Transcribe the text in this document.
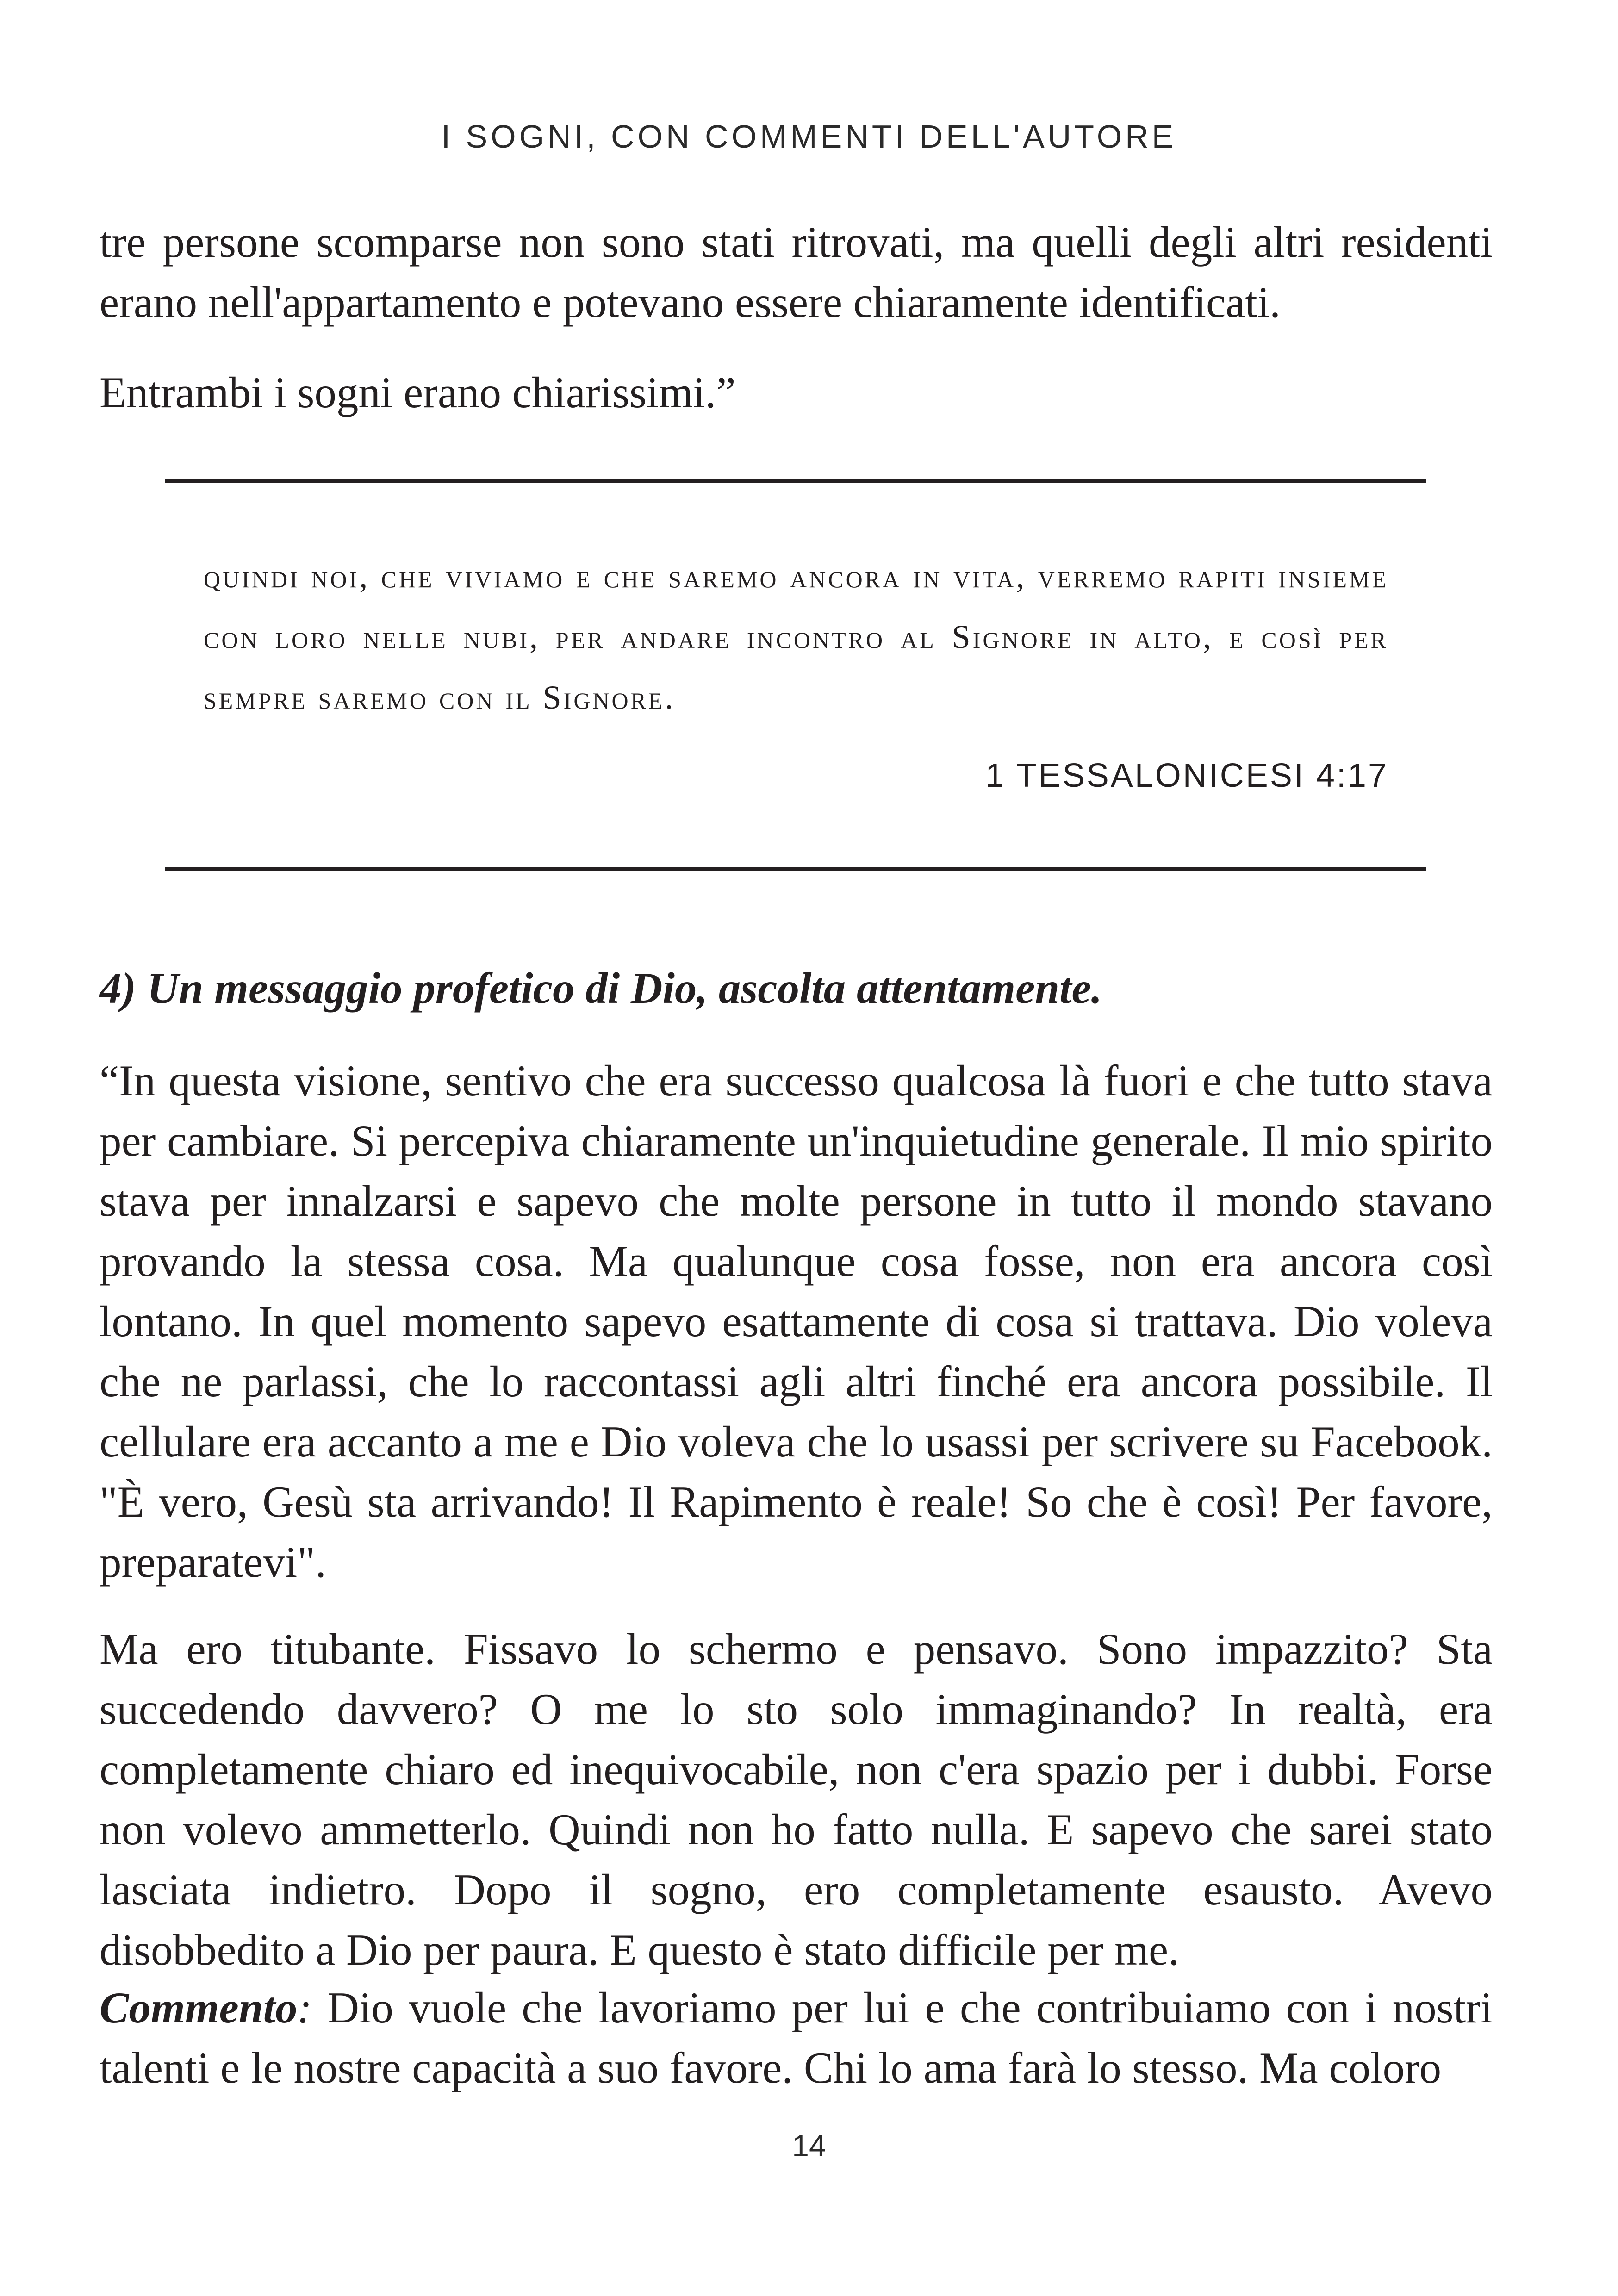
I SOGNI, CON COMMENTI DELL'AUTORE

tre persone scomparse non sono stati ritrovati, ma quelli degli altri residenti erano nell'appartamento e potevano essere chiaramente identificati.

Entrambi i sogni erano chiarissimi.”

quindi noi, che viviamo e che saremo ancora in vita, verremo rapiti insieme con loro nelle nubi, per andare incontro al Signore in alto, e così per sempre saremo con il Signore.

1 TESSALONICESI 4:17
4) Un messaggio profetico di Dio, ascolta attentamente.

“In questa visione, sentivo che era successo qualcosa là fuori e che tutto stava per cambiare. Si percepiva chiaramente un'inquietudine generale. Il mio spirito stava per innalzarsi e sapevo che molte persone in tutto il mondo stavano provando la stessa cosa. Ma qualunque cosa fosse, non era ancora così lontano. In quel momento sapevo esattamente di cosa si trattava. Dio voleva che ne parlassi, che lo raccontassi agli altri finché era ancora possibile. Il cellulare era accanto a me e Dio voleva che lo usassi per scrivere su Facebook. "È vero, Gesù sta arrivando! Il Rapimento è reale! So che è così! Per favore, preparatevi".

Ma ero titubante. Fissavo lo schermo e pensavo. Sono impazzito? Sta succedendo davvero? O me lo sto solo immaginando? In realtà, era completamente chiaro ed inequivocabile, non c'era spazio per i dubbi. Forse non volevo ammetterlo. Quindi non ho fatto nulla. E sapevo che sarei stato lasciata indietro. Dopo il sogno, ero completamente esausto. Avevo disobbedito a Dio per paura. E questo è stato difficile per me.

Commento: Dio vuole che lavoriamo per lui e che contribuiamo con i nostri talenti e le nostre capacità a suo favore. Chi lo ama farà lo stesso. Ma coloro

14
